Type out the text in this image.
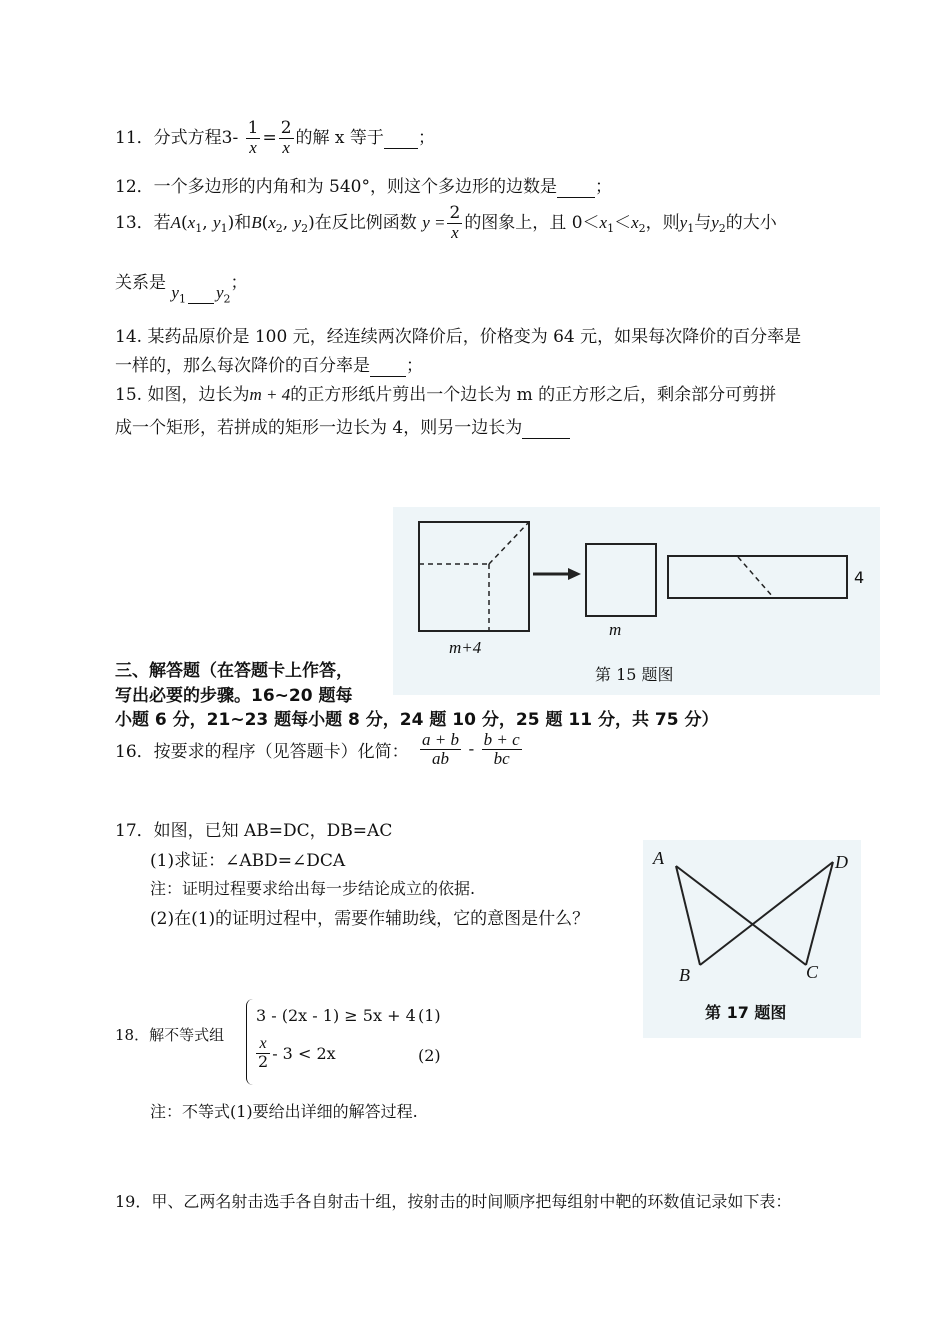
11．分式方程$3- \frac{1}{x} = \frac{2}{x}$ 的解 x 等于 ；
12．一个多边形的内角和为 540°，则这个多边形的边数是 ；
13．若$A(x_1$, $y_1$)和$B(x_2$, $y_2$)在反比例函数 $y = \frac{2}{x}$ 的图象上，且 $0<x_1<x_2$，则$y_1$与$y_2$的大小
关系是 $y_1$ $y_2$；
14. 某药品原价是 100 元，经连续两次降价后，价格变为 64 元，如果每次降价的百分率是
一样的，那么每次降价的百分率是 ；
15. 如图，边长为m + 4的正方形纸片剪出一个边长为 m 的正方形之后，剩余部分可剪拼
成一个矩形，若拼成的矩形一边长为 4，则另一边长为
m+4
m
4
第 15 题图
三、解答题（在答题卡上作答，
写出必要的步骤。16~20 题每
小题 6 分，21~23 题每小题 8 分，24 题 10 分，25 题 11 分，共 75 分）
16．按要求的程序（见答题卡）化简： $\frac{a + b}{ab} - \frac{b + c}{bc}$
17．如图，已知 AB=DC，DB=AC
(1)求证：∠ABD=∠DCA
注：证明过程要求给出每一步结论成立的依据.
(2)在(1)的证明过程中，需要作辅助线，它的意图是什么？
A
B	C
D
第 17 题图
18．解不等式组
3 - (2x - 1) ≥ 5x + 4 (1)
$\frac{x}{2} - 3 < 2x$	(2)
注：不等式(1)要给出详细的解答过程.
19．甲、乙两名射击选手各自射击十组，按射击的时间顺序把每组射中靶的环数值记录如下表：
